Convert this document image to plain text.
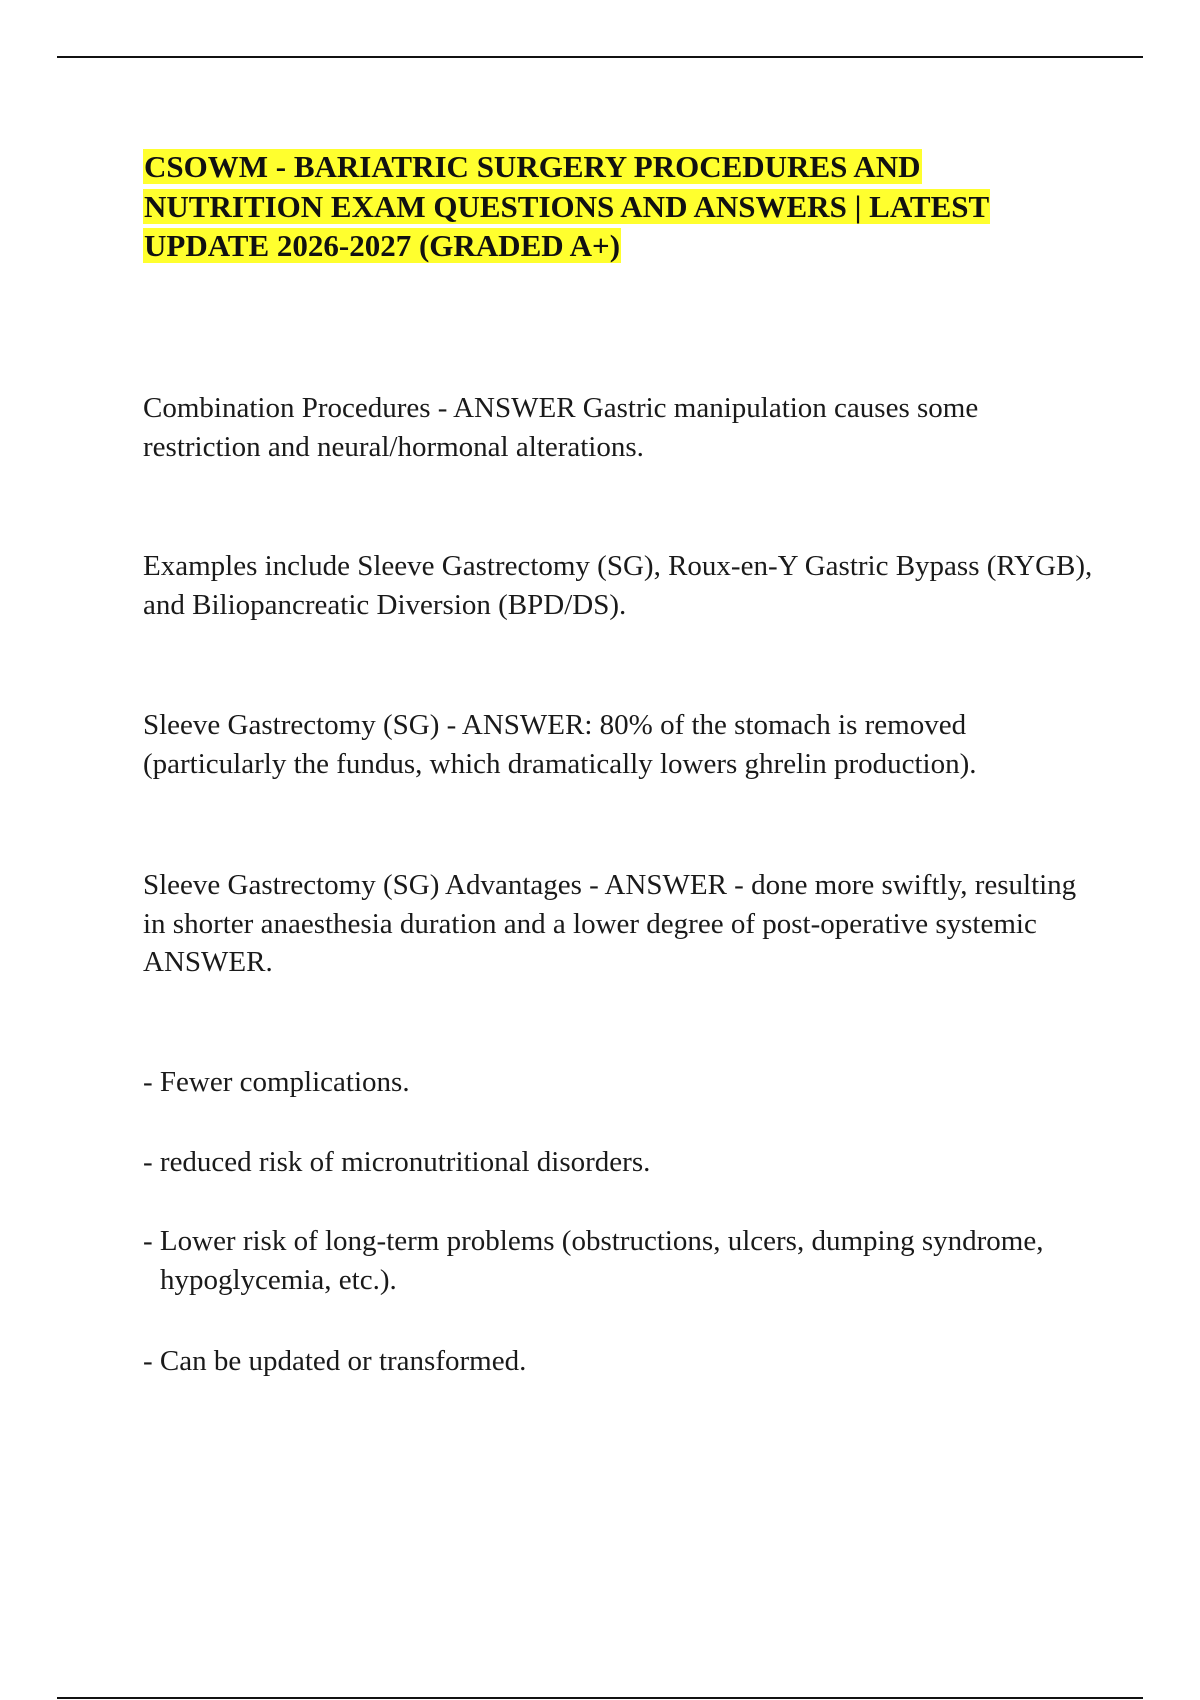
CSOWM - BARIATRIC SURGERY PROCEDURES AND NUTRITION EXAM QUESTIONS AND ANSWERS | LATEST UPDATE 2026-2027 (GRADED A+)

Combination Procedures - ANSWER Gastric manipulation causes some restriction and neural/hormonal alterations.

Examples include Sleeve Gastrectomy (SG), Roux-en-Y Gastric Bypass (RYGB), and Biliopancreatic Diversion (BPD/DS).

Sleeve Gastrectomy (SG) - ANSWER: 80% of the stomach is removed (particularly the fundus, which dramatically lowers ghrelin production).

Sleeve Gastrectomy (SG) Advantages - ANSWER - done more swiftly, resulting in shorter anaesthesia duration and a lower degree of post-operative systemic
ANSWER.

- Fewer complications.

- reduced risk of micronutritional disorders.

- Lower risk of long-term problems (obstructions, ulcers, dumping syndrome, hypoglycemia, etc.).

- Can be updated or transformed.
